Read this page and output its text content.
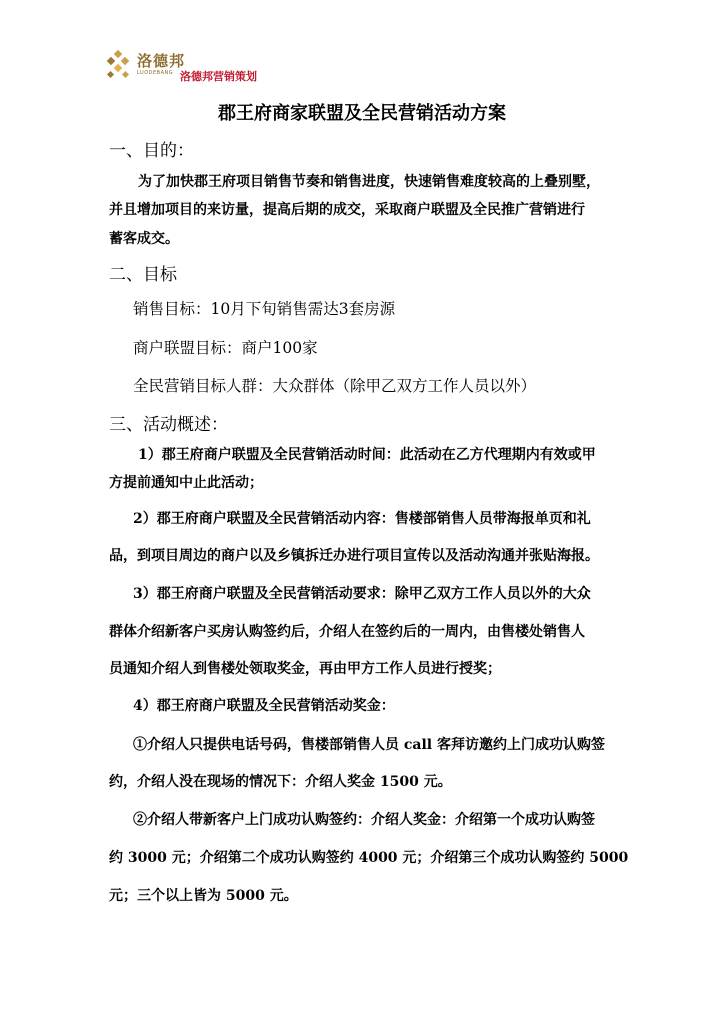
洛德邦
LUODEBANG 洛德邦营销策划
郡王府商家联盟及全民营销活动方案
一、目的：
为了加快郡王府项目销售节奏和销售进度，快速销售难度较高的上叠别墅，
并且增加项目的来访量，提高后期的成交，采取商户联盟及全民推广营销进行
蓄客成交。
二、目标
销售目标：10月下旬销售需达3套房源
商户联盟目标：商户100家
全民营销目标人群：大众群体（除甲乙双方工作人员以外）
三、活动概述：
1）郡王府商户联盟及全民营销活动时间：此活动在乙方代理期内有效或甲
方提前通知中止此活动；
2）郡王府商户联盟及全民营销活动内容：售楼部销售人员带海报单页和礼
品，到项目周边的商户以及乡镇拆迁办进行项目宣传以及活动沟通并张贴海报。
3）郡王府商户联盟及全民营销活动要求：除甲乙双方工作人员以外的大众
群体介绍新客户买房认购签约后，介绍人在签约后的一周内，由售楼处销售人
员通知介绍人到售楼处领取奖金，再由甲方工作人员进行授奖；
4）郡王府商户联盟及全民营销活动奖金：
①介绍人只提供电话号码，售楼部销售人员 call 客拜访邀约上门成功认购签
约，介绍人没在现场的情况下：介绍人奖金 1500 元。
②介绍人带新客户上门成功认购签约：介绍人奖金：介绍第一个成功认购签
约 3000 元；介绍第二个成功认购签约 4000 元；介绍第三个成功认购签约 5000
元；三个以上皆为 5000 元。
